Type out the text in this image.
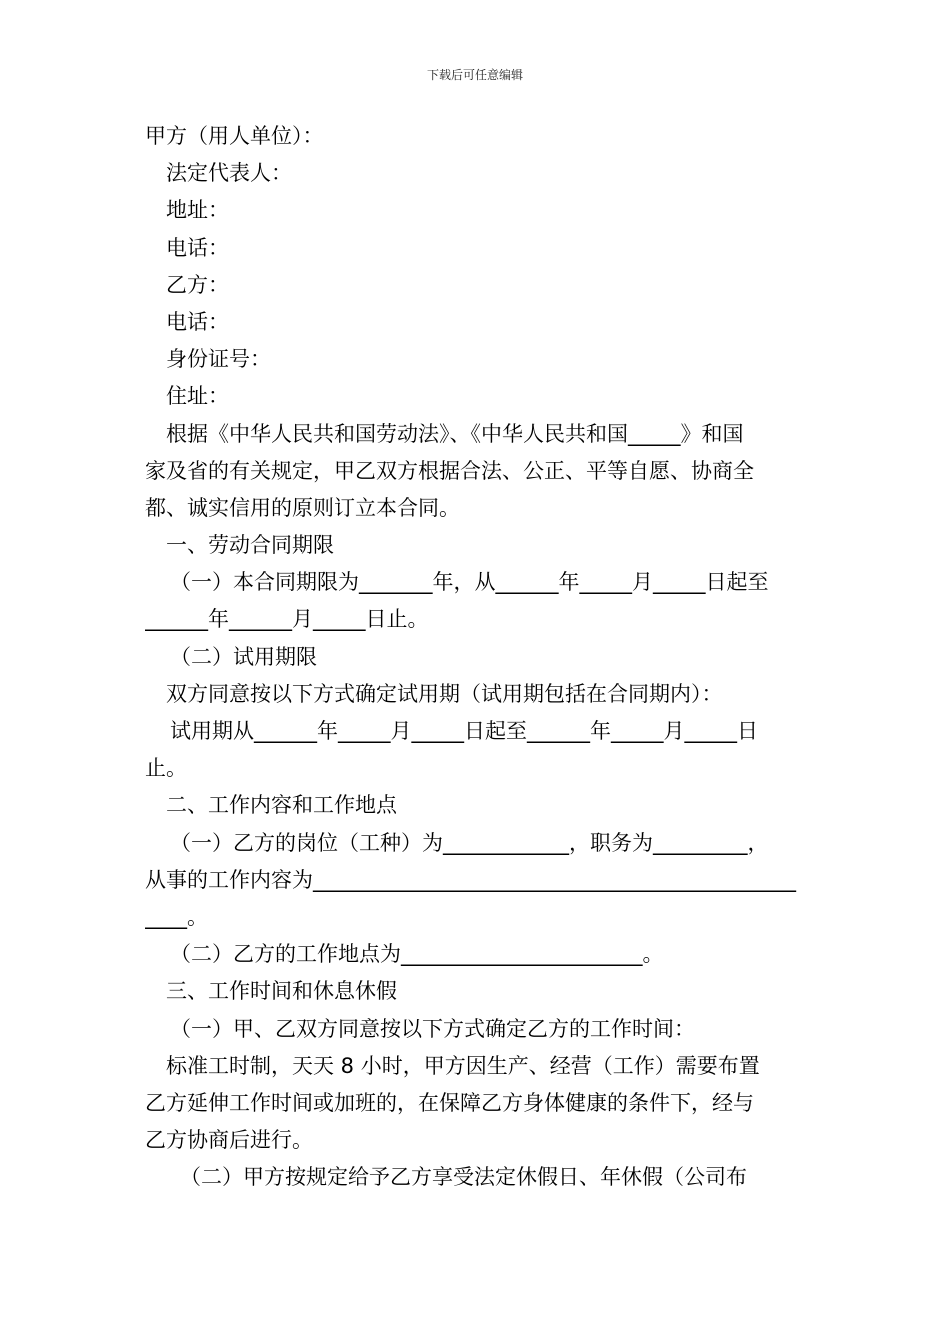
下载后可任意编辑
甲方（用人单位）：
法定代表人：
地址：
电话：
乙方：
电话：
身份证号：
住址：
根据《中华人民共和国劳动法》、《中华人民共和国_____》和国
家及省的有关规定，甲乙双方根据合法、公正、平等自愿、协商全
都、诚实信用的原则订立本合同。
一、劳动合同期限
（一）本合同期限为_______年，从______年_____月_____日起至
______年______月_____日止。
（二）试用期限
双方同意按以下方式确定试用期（试用期包括在合同期内）：
试用期从______年_____月_____日起至______年_____月_____日
止。
二、工作内容和工作地点
（一）乙方的岗位（工种）为____________，职务为_________，
从事的工作内容为______________________________________________
____。
（二）乙方的工作地点为_______________________。
三、工作时间和休息休假
（一）甲、乙双方同意按以下方式确定乙方的工作时间：
标准工时制，天天 8 小时，甲方因生产、经营（工作）需要布置
乙方延伸工作时间或加班的，在保障乙方身体健康的条件下，经与
乙方协商后进行。
（二）甲方按规定给予乙方享受法定休假日、年休假（公司布
